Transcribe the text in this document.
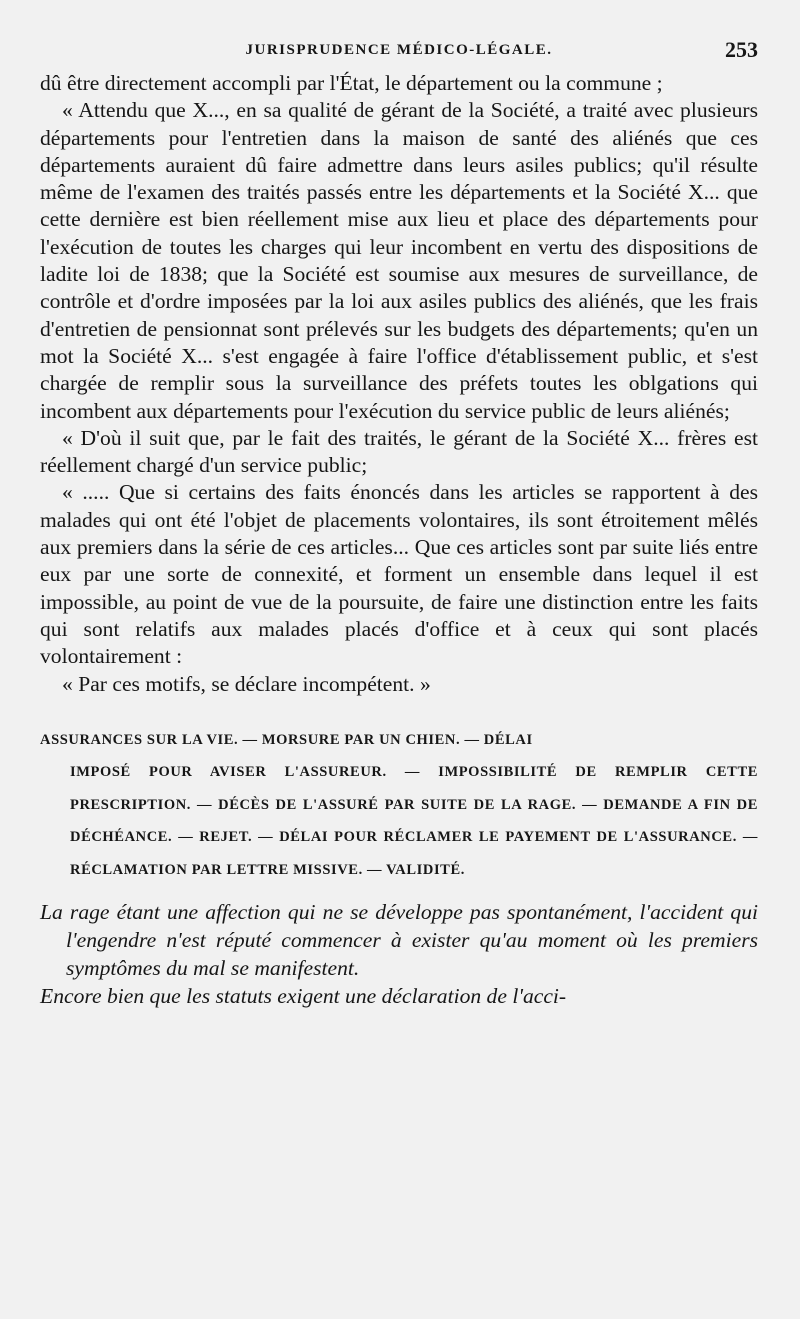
JURISPRUDENCE MÉDICO-LÉGALE.	253

dû être directement accompli par l'État, le département ou la commune ;

« Attendu que X..., en sa qualité de gérant de la Société, a traité avec plusieurs départements pour l'entretien dans la maison de santé des aliénés que ces départements auraient dû faire admettre dans leurs asiles publics; qu'il résulte même de l'examen des traités passés entre les départements et la Société X... que cette dernière est bien réellement mise aux lieu et place des départements pour l'exécution de toutes les charges qui leur incombent en vertu des dispositions de ladite loi de 1838; que la Société est soumise aux mesures de surveillance, de contrôle et d'ordre imposées par la loi aux asiles publics des aliénés, que les frais d'entretien de pensionnat sont prélevés sur les budgets des départements; qu'en un mot la Société X... s'est engagée à faire l'office d'établissement public, et s'est chargée de remplir sous la surveillance des préfets toutes les oblgations qui incombent aux départements pour l'exécution du service public de leurs aliénés;

« D'où il suit que, par le fait des traités, le gérant de la Société X... frères est réellement chargé d'un service public;

« ..... Que si certains des faits énoncés dans les articles se rapportent à des malades qui ont été l'objet de placements volontaires, ils sont étroitement mêlés aux premiers dans la série de ces articles... Que ces articles sont par suite liés entre eux par une sorte de connexité, et forment un ensemble dans lequel il est impossible, au point de vue de la poursuite, de faire une distinction entre les faits qui sont relatifs aux malades placés d'office et à ceux qui sont placés volontairement :

« Par ces motifs, se déclare incompétent. »

ASSURANCES SUR LA VIE. — MORSURE PAR UN CHIEN. — DÉLAI
IMPOSÉ POUR AVISER L'ASSUREUR. — IMPOSSIBILITÉ DE REMPLIR CETTE PRESCRIPTION. — DÉCÈS DE L'ASSURÉ PAR SUITE DE LA RAGE. — DEMANDE A FIN DE DÉCHÉANCE. — REJET. — DÉLAI POUR RÉCLAMER LE PAYEMENT DE L'ASSURANCE. — RÉCLAMATION PAR LETTRE MISSIVE. — VALIDITÉ.

La rage étant une affection qui ne se développe pas spontanément, l'accident qui l'engendre n'est réputé commencer à exister qu'au moment où les premiers symptômes du mal se manifestent.

Encore bien que les statuts exigent une déclaration de l'acci-
